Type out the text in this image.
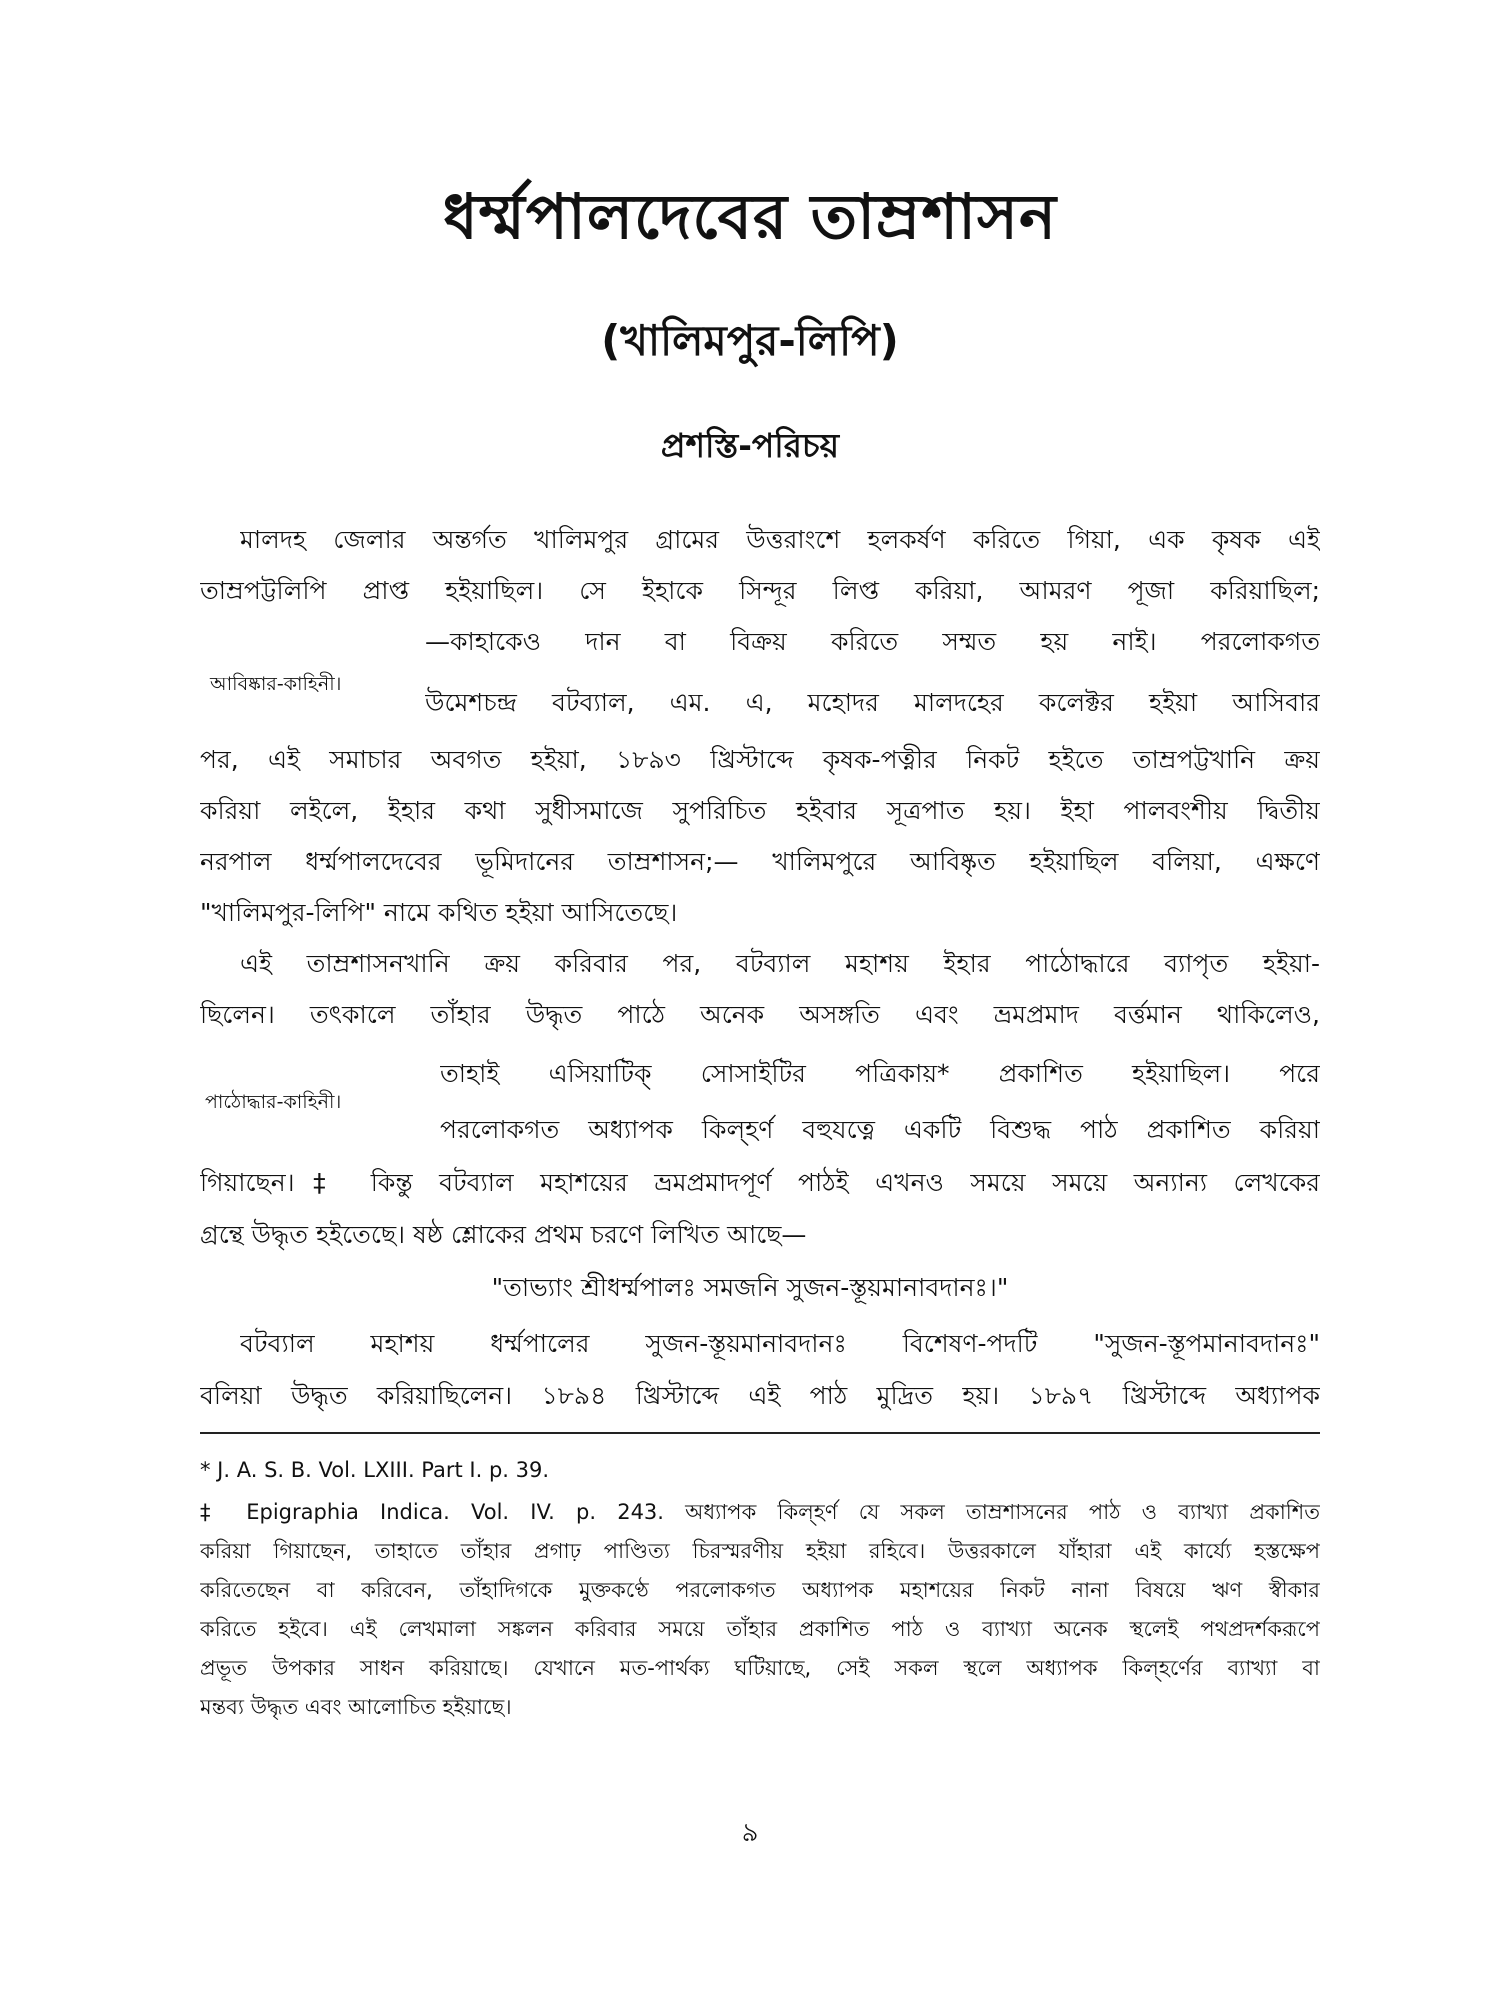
ধর্ম্মপালদেবের তাম্রশাসন
(খালিমপুর-লিপি)
প্রশস্তি-পরিচয়
মালদহ জেলার অন্তর্গত খালিমপুর গ্রামের উত্তরাংশে হলকর্ষণ করিতে গিয়া, এক কৃষক এই
তাম্রপট্টলিপি প্রাপ্ত হইয়াছিল। সে ইহাকে সিন্দূর লিপ্ত করিয়া, আমরণ পূজা করিয়াছিল;
—কাহাকেও দান বা বিক্রয় করিতে সম্মত হয় নাই। পরলোকগত
আবিষ্কার-কাহিনী।
উমেশচন্দ্র বটব্যাল, এম. এ, মহোদর মালদহের কলেক্টর হইয়া আসিবার
পর, এই সমাচার অবগত হইয়া, ১৮৯৩ খ্রিস্টাব্দে কৃষক-পত্নীর নিকট হইতে তাম্রপট্টখানি ক্রয়
করিয়া লইলে, ইহার কথা সুধীসমাজে সুপরিচিত হইবার সূত্রপাত হয়। ইহা পালবংশীয় দ্বিতীয়
নরপাল ধর্ম্মপালদেবের ভূমিদানের তাম্রশাসন;— খালিমপুরে আবিষ্কৃত হইয়াছিল বলিয়া, এক্ষণে
"খালিমপুর-লিপি" নামে কথিত হইয়া আসিতেছে।
এই তাম্রশাসনখানি ক্রয় করিবার পর, বটব্যাল মহাশয় ইহার পাঠোদ্ধারে ব্যাপৃত হইয়া-
ছিলেন। তৎকালে তাঁহার উদ্ধৃত পাঠে অনেক অসঙ্গতি এবং ভ্রমপ্রমাদ বর্ত্তমান থাকিলেও,
তাহাই এসিয়াটিক্ সোসাইটির পত্রিকায়* প্রকাশিত হইয়াছিল। পরে
পাঠোদ্ধার-কাহিনী।
পরলোকগত অধ্যাপক কিল্‌হর্ণ বহুযত্নে একটি বিশুদ্ধ পাঠ প্রকাশিত করিয়া
গিয়াছেন।‡ কিন্তু বটব্যাল মহাশয়ের ভ্রমপ্রমাদপূর্ণ পাঠই এখনও সময়ে সময়ে অন্যান্য লেখকের
গ্রন্থে উদ্ধৃত হইতেছে। ষষ্ঠ শ্লোকের প্রথম চরণে লিখিত আছে—
"তাভ্যাং শ্রীধর্ম্মপালঃ সমজনি সুজন-স্তূয়মানাবদানঃ।"
বটব্যাল মহাশয় ধর্ম্মপালের সুজন-স্তূয়মানাবদানঃ বিশেষণ-পদটি "সুজন-স্তূপমানাবদানঃ"
বলিয়া উদ্ধৃত করিয়াছিলেন। ১৮৯৪ খ্রিস্টাব্দে এই পাঠ মুদ্রিত হয়। ১৮৯৭ খ্রিস্টাব্দে অধ্যাপক
* J. A. S. B. Vol. LXIII. Part I. p. 39.
‡ Epigraphia Indica. Vol. IV. p. 243. অধ্যাপক কিল্‌হর্ণ যে সকল তাম্রশাসনের পাঠ ও ব্যাখ্যা প্রকাশিত
করিয়া গিয়াছেন, তাহাতে তাঁহার প্রগাঢ় পাণ্ডিত্য চিরস্মরণীয় হইয়া রহিবে। উত্তরকালে যাঁহারা এই কার্য্যে হস্তক্ষেপ
করিতেছেন বা করিবেন, তাঁহাদিগকে মুক্তকণ্ঠে পরলোকগত অধ্যাপক মহাশয়ের নিকট নানা বিষয়ে ঋণ স্বীকার
করিতে হইবে। এই লেখমালা সঙ্কলন করিবার সময়ে তাঁহার প্রকাশিত পাঠ ও ব্যাখ্যা অনেক স্থলেই পথপ্রদর্শকরূপে
প্রভূত উপকার সাধন করিয়াছে। যেখানে মত-পার্থক্য ঘটিয়াছে, সেই সকল স্থলে অধ্যাপক কিল্‌হর্ণের ব্যাখ্যা বা
মন্তব্য উদ্ধৃত এবং আলোচিত হইয়াছে।
৯
